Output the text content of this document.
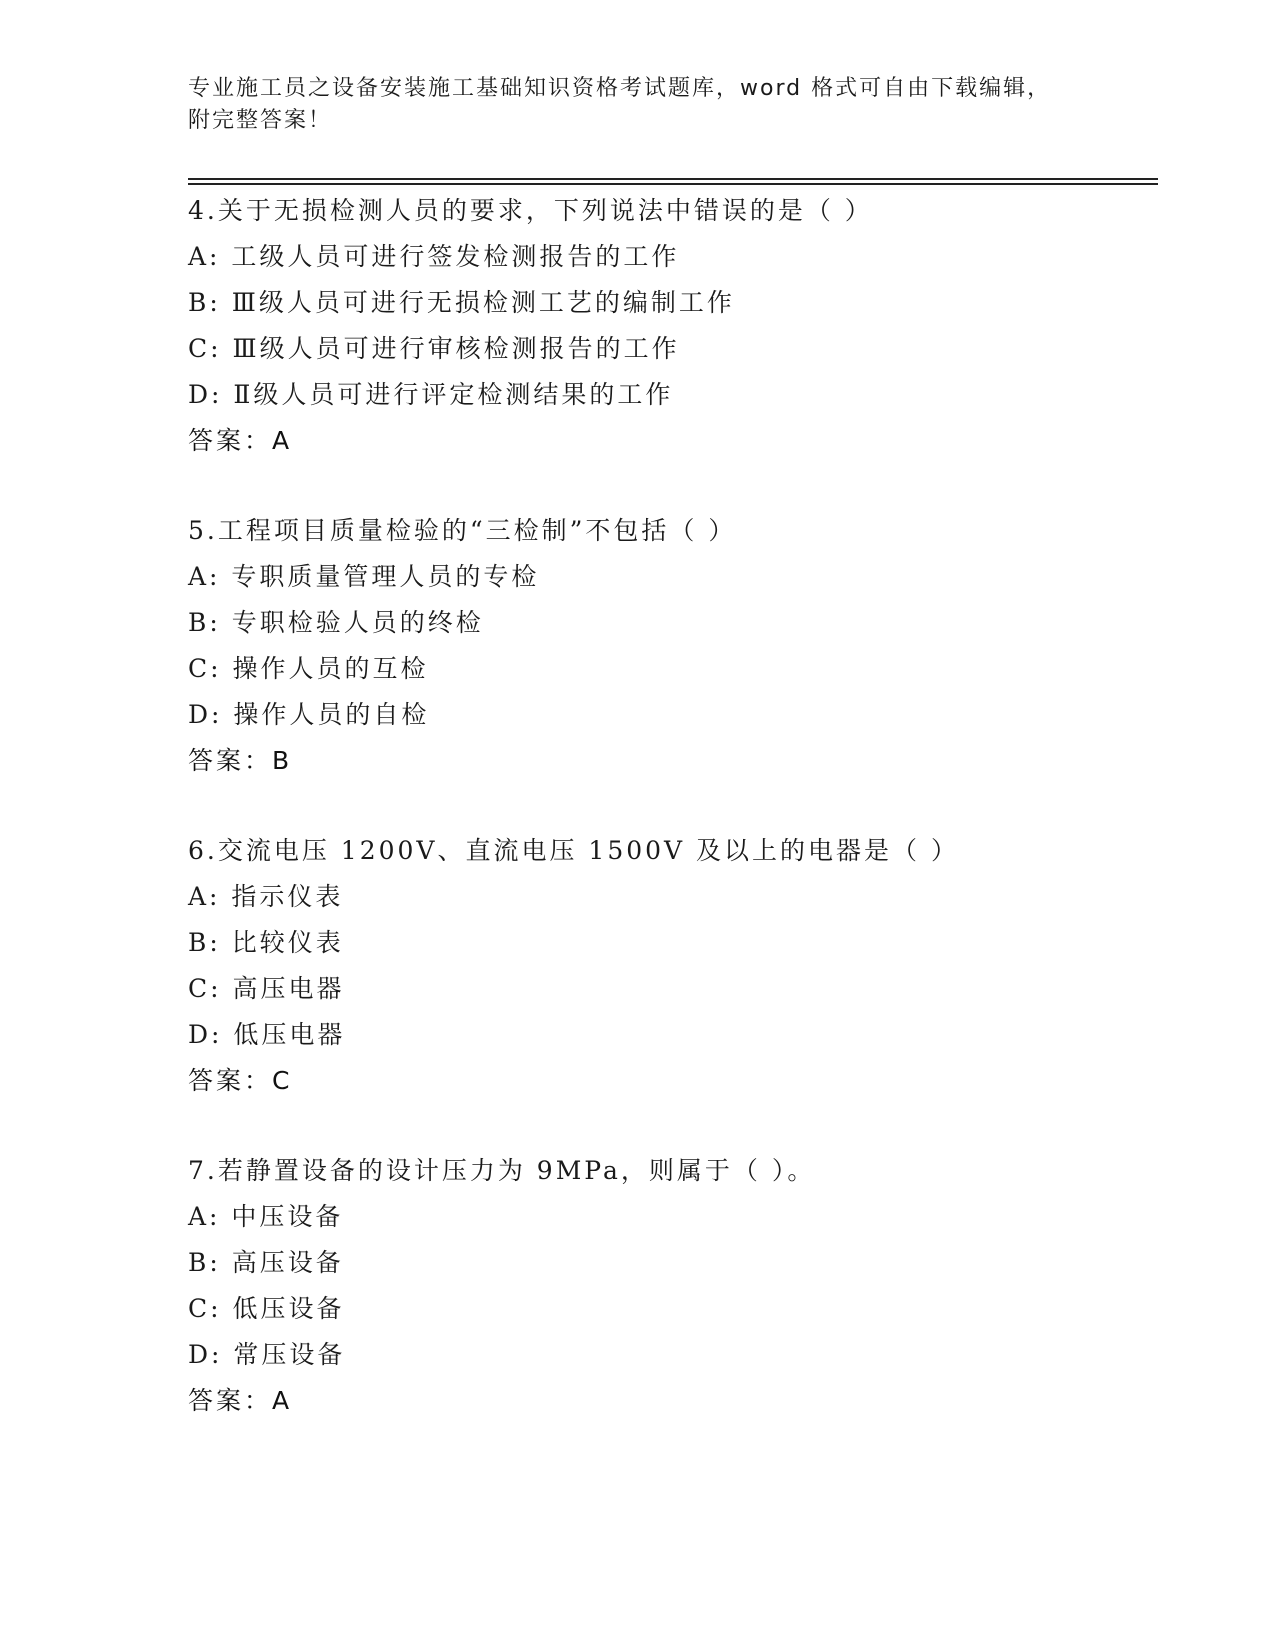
专业施工员之设备安装施工基础知识资格考试题库，word 格式可自由下载编辑，
附完整答案！
4.关于无损检测人员的要求，下列说法中错误的是（ ）
A: 工级人员可进行签发检测报告的工作
B: Ⅲ级人员可进行无损检测工艺的编制工作
C: Ⅲ级人员可进行审核检测报告的工作
D: Ⅱ级人员可进行评定检测结果的工作
答案：A
5.工程项目质量检验的“三检制”不包括（ ）
A: 专职质量管理人员的专检
B: 专职检验人员的终检
C: 操作人员的互检
D: 操作人员的自检
答案：B
6.交流电压 1200V、直流电压 1500V 及以上的电器是（ ）
A: 指示仪表
B: 比较仪表
C: 高压电器
D: 低压电器
答案：C
7.若静置设备的设计压力为 9MPa，则属于（ ）。
A: 中压设备
B: 高压设备
C: 低压设备
D: 常压设备
答案：A
